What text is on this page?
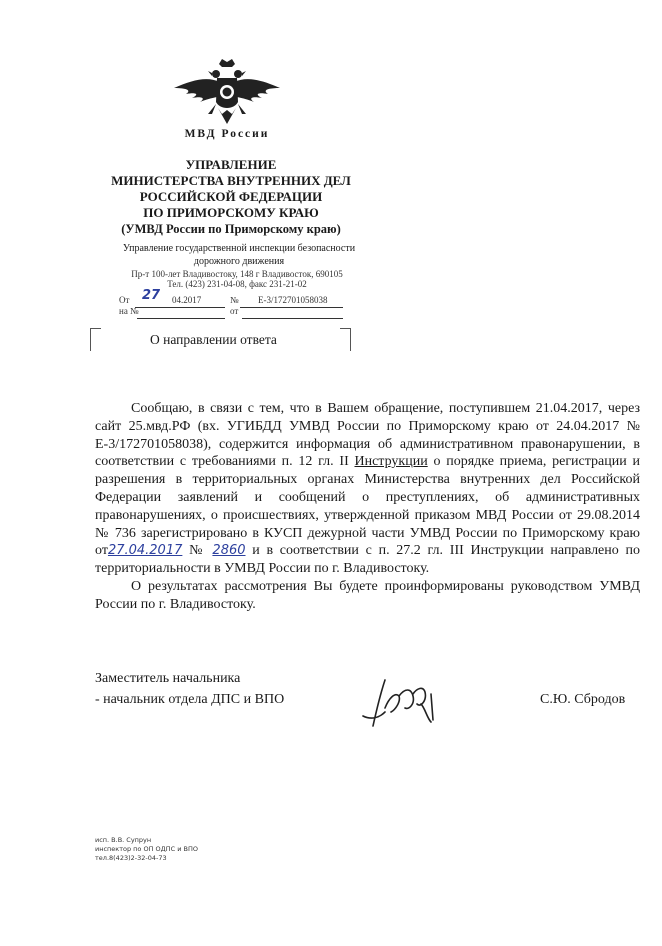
МВД России
УПРАВЛЕНИЕ
МИНИСТЕРСТВА ВНУТРЕННИХ ДЕЛ
РОССИЙСКОЙ ФЕДЕРАЦИИ
ПО ПРИМОРСКОМУ КРАЮ
(УМВД России по Приморскому краю)
Управление государственной инспекции безопасности
дорожного движения
Пр-т 100-лет Владивостоку, 148 г Владивосток, 690105
Тел. (423) 231-04-08, факс 231-21-02
От 27 04.2017	№ Е-3/172701058038
на №	от
О направлении ответа

Сообщаю, в связи с тем, что в Вашем обращение, поступившем 21.04.2017, через сайт 25.мвд.РФ (вх. УГИБДД УМВД России по Приморскому краю от 24.04.2017 № Е-3/172701058038), содержится информация об административном правонарушении, в соответствии с требованиями п. 12 гл. II Инструкции о порядке приема, регистрации и разрешения в территориальных органах Министерства внутренних дел Российской Федерации заявлений и сообщений о преступлениях, об административных правонарушениях, о происшествиях, утвержденной приказом МВД России от 29.08.2014 № 736 зарегистрировано в КУСП дежурной части УМВД России по Приморскому краю от27.04.2017 № 2860 и в соответствии с п. 27.2 гл. III Инструкции направлено по территориальности в УМВД России по г. Владивостоку.

О результатах рассмотрения Вы будете проинформированы руководством УМВД России по г. Владивостоку.

Заместитель начальника
- начальник отдела ДПС и ВПО	С.Ю. Сбродов
исп. В.В. Супрун
инспектор по ОП ОДПС и ВПО
тел.8(423)2-32-04-73
